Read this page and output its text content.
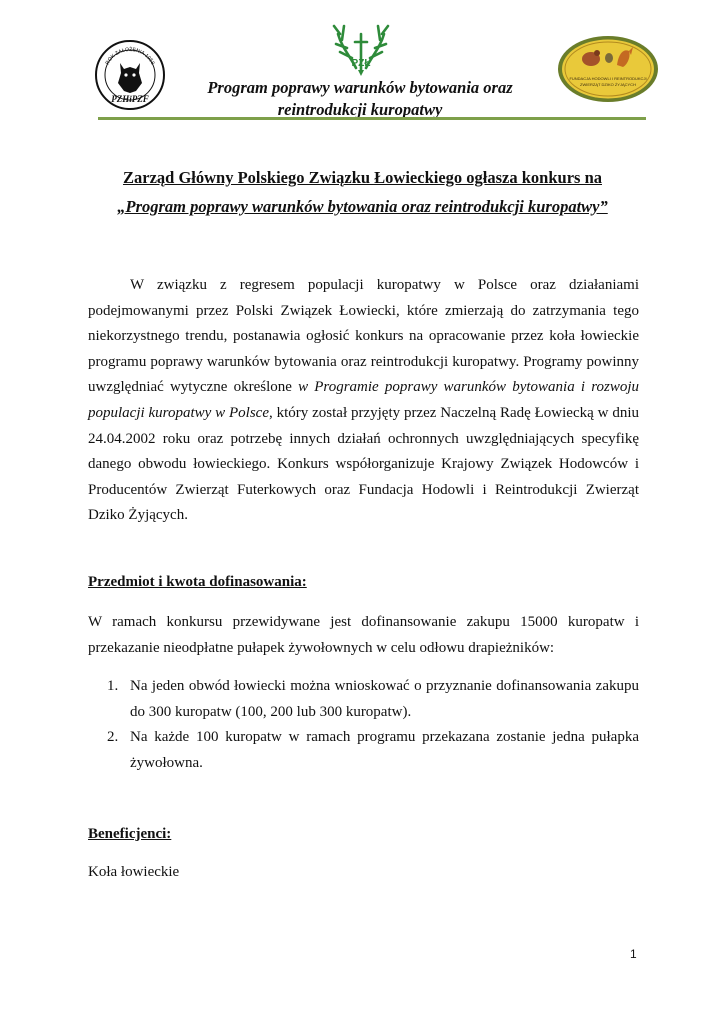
ROK ZAŁOŻENIA 1958
PZHiPZF
PZŁ
FUNDACJA HODOWLI I REINTRODUKCJI
ZWIERZĄT DZIKO ŻYJĄCYCH
Program poprawy warunków bytowania oraz
reintrodukcji kuropatwy
Zarząd Główny Polskiego Związku Łowieckiego ogłasza konkurs na
„Program poprawy warunków bytowania oraz reintrodukcji kuropatwy”

W związku z regresem populacji kuropatwy w Polsce oraz działaniami podejmowanymi przez Polski Związek Łowiecki, które zmierzają do zatrzymania tego niekorzystnego trendu, postanawia ogłosić konkurs na opracowanie przez koła łowieckie programu poprawy warunków bytowania oraz reintrodukcji kuropatwy. Programy powinny uwzględniać wytyczne określone w Programie poprawy warunków bytowania i rozwoju populacji kuropatwy w Polsce, który został przyjęty przez Naczelną Radę Łowiecką w dniu 24.04.2002 roku oraz potrzebę innych działań ochronnych uwzględniających specyfikę danego obwodu łowieckiego. Konkurs współorganizuje Krajowy Związek Hodowców i Producentów Zwierząt Futerkowych oraz Fundacja Hodowli i Reintrodukcji Zwierząt Dziko Żyjących.

Przedmiot i kwota dofinasowania:

W ramach konkursu przewidywane jest dofinansowanie zakupu 15000 kuropatw i przekazanie nieodpłatne pułapek żywołownych w celu odłowu drapieżników:

1. Na jeden obwód łowiecki można wnioskować o przyznanie dofinansowania zakupu do 300 kuropatw (100, 200 lub 300 kuropatw).
2. Na każde 100 kuropatw w ramach programu przekazana zostanie jedna pułapka żywołowna.

Beneficjenci:

Koła łowieckie

1
